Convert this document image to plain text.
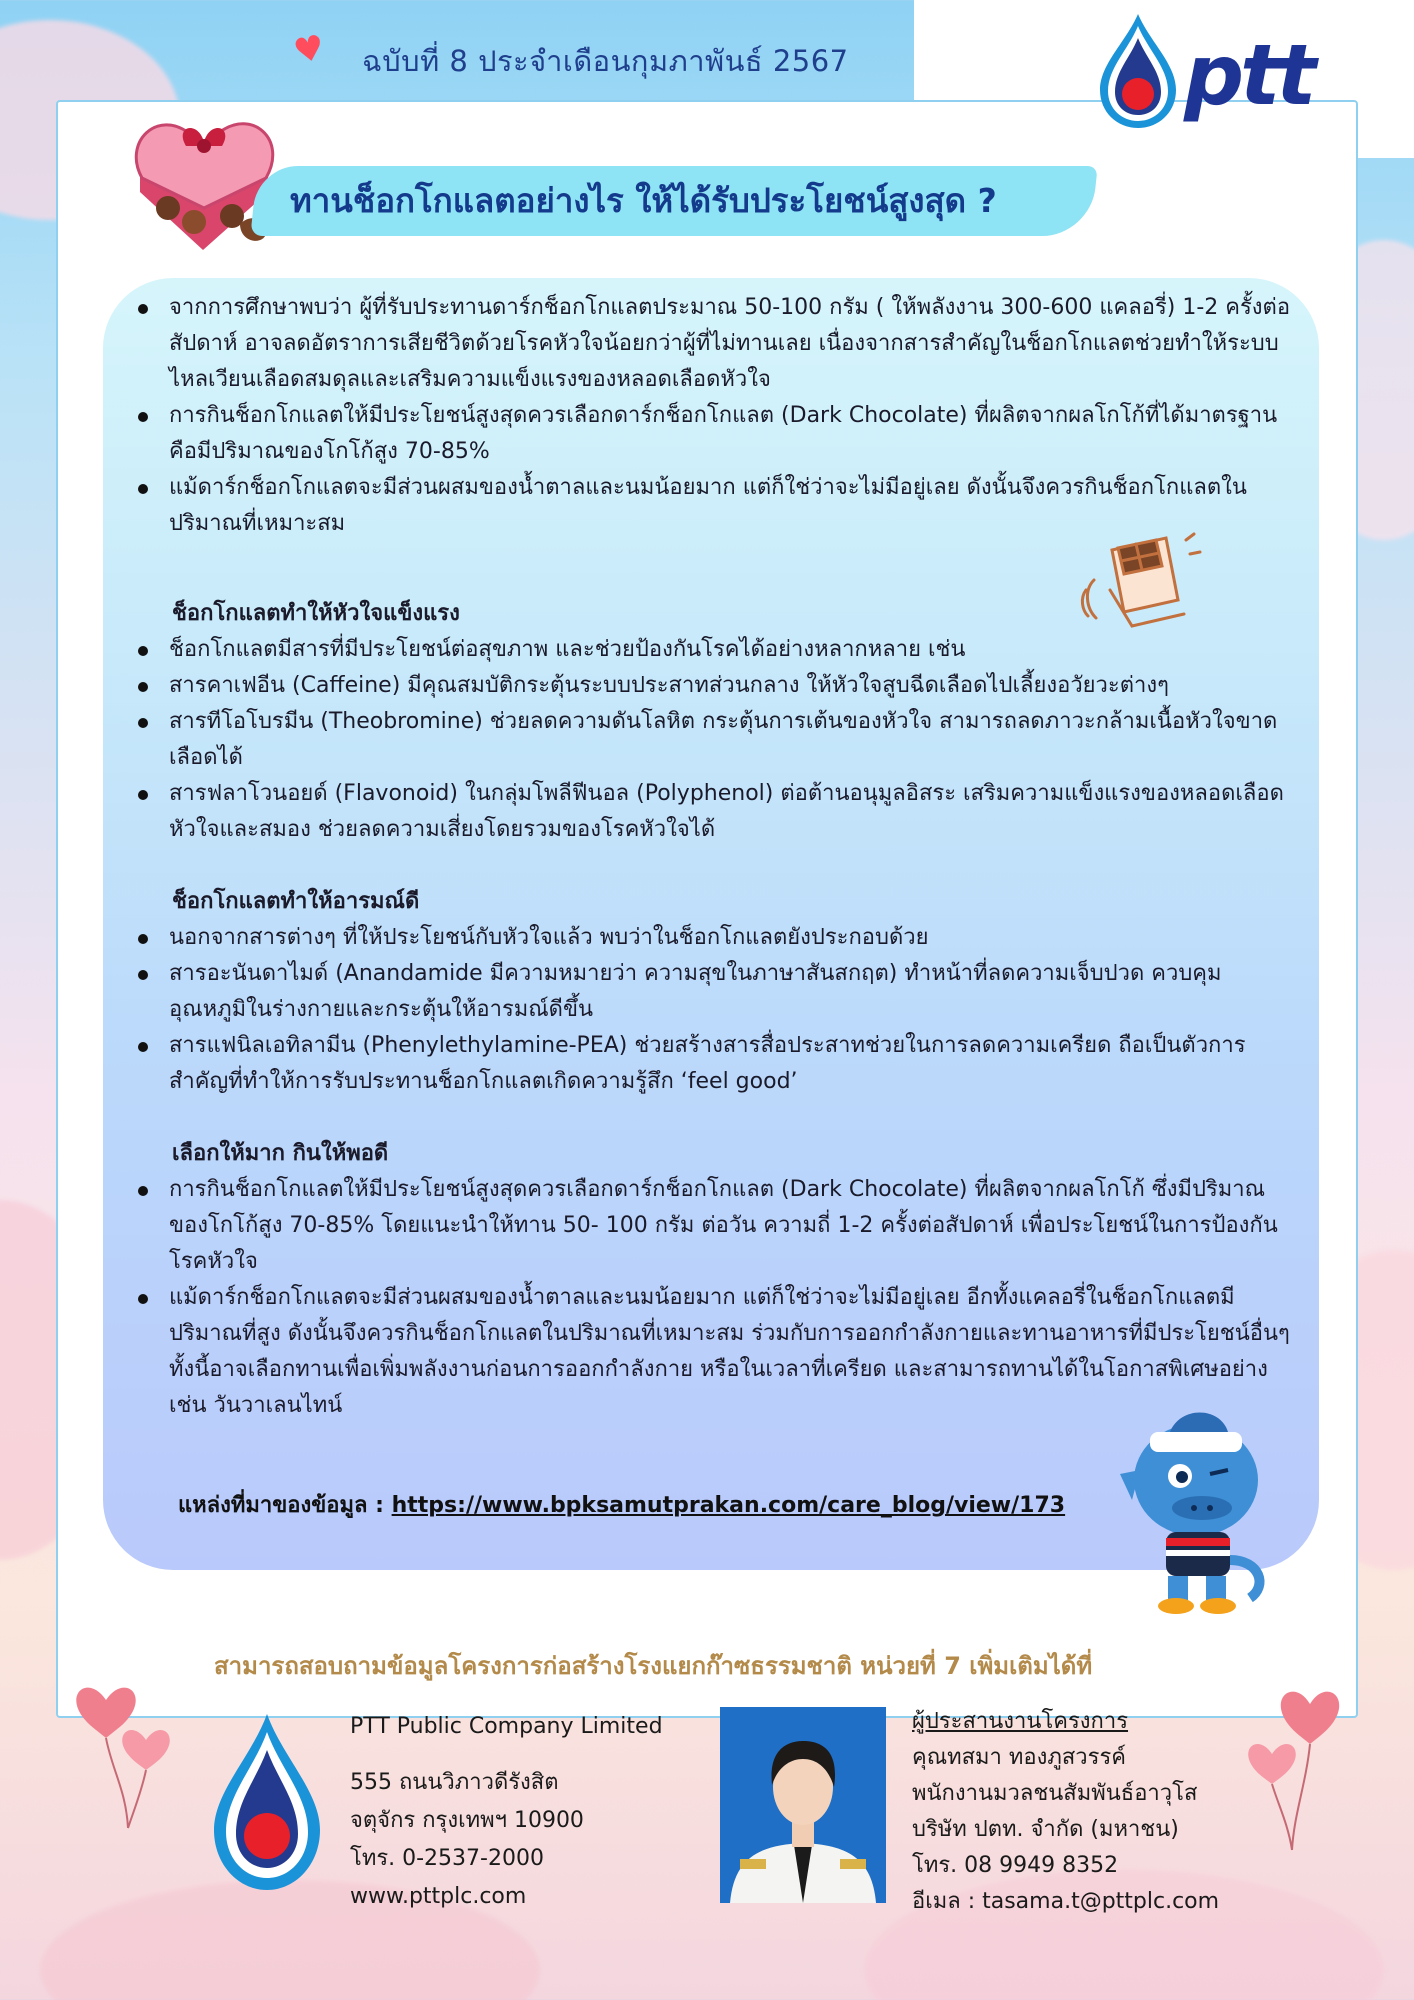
♥ ฉบับที่ 8 ประจำเดือนกุมภาพันธ์ 2567	ptt
ทานช็อกโกแลตอย่างไร ให้ได้รับประโยชน์สูงสุด ?
จากการศึกษาพบว่า ผู้ที่รับประทานดาร์กช็อกโกแลตประมาณ 50-100 กรัม ( ให้พลังงาน 300-600 แคลอรี่) 1-2 ครั้งต่อสัปดาห์ อาจลดอัตราการเสียชีวิตด้วยโรคหัวใจน้อยกว่าผู้ที่ไม่ทานเลย เนื่องจากสารสำคัญในช็อกโกแลตช่วยทำให้ระบบไหลเวียนเลือดสมดุลและเสริมความแข็งแรงของหลอดเลือดหัวใจ
การกินช็อกโกแลตให้มีประโยชน์สูงสุดควรเลือกดาร์กช็อกโกแลต (Dark Chocolate) ที่ผลิตจากผลโกโก้ที่ได้มาตรฐาน คือมีปริมาณของโกโก้สูง 70-85%
แม้ดาร์กช็อกโกแลตจะมีส่วนผสมของน้ำตาลและนมน้อยมาก แต่ก็ใช่ว่าจะไม่มีอยู่เลย ดังนั้นจึงควรกินช็อกโกแลตในปริมาณที่เหมาะสม
ช็อกโกแลตทำให้หัวใจแข็งแรง
ช็อกโกแลตมีสารที่มีประโยชน์ต่อสุขภาพ และช่วยป้องกันโรคได้อย่างหลากหลาย เช่น
สารคาเฟอีน (Caffeine) มีคุณสมบัติกระตุ้นระบบประสาทส่วนกลาง ให้หัวใจสูบฉีดเลือดไปเลี้ยงอวัยวะต่างๆ
สารทีโอโบรมีน (Theobromine) ช่วยลดความดันโลหิต กระตุ้นการเต้นของหัวใจ สามารถลดภาวะกล้ามเนื้อหัวใจขาดเลือดได้
สารฟลาโวนอยด์ (Flavonoid) ในกลุ่มโพลีฟีนอล (Polyphenol) ต่อต้านอนุมูลอิสระ เสริมความแข็งแรงของหลอดเลือดหัวใจและสมอง ช่วยลดความเสี่ยงโดยรวมของโรคหัวใจได้
ช็อกโกแลตทำให้อารมณ์ดี
นอกจากสารต่างๆ ที่ให้ประโยชน์กับหัวใจแล้ว พบว่าในช็อกโกแลตยังประกอบด้วย
สารอะนันดาไมด์ (Anandamide มีความหมายว่า ความสุขในภาษาสันสกฤต) ทำหน้าที่ลดความเจ็บปวด ควบคุมอุณหภูมิในร่างกายและกระตุ้นให้อารมณ์ดีขึ้น
สารแฟนิลเอทิลามีน (Phenylethylamine-PEA) ช่วยสร้างสารสื่อประสาทช่วยในการลดความเครียด ถือเป็นตัวการสำคัญที่ทำให้การรับประทานช็อกโกแลตเกิดความรู้สึก ‘feel good’
เลือกให้มาก กินให้พอดี
การกินช็อกโกแลตให้มีประโยชน์สูงสุดควรเลือกดาร์กช็อกโกแลต (Dark Chocolate) ที่ผลิตจากผลโกโก้ ซึ่งมีปริมาณของโกโก้สูง 70-85% โดยแนะนำให้ทาน 50- 100 กรัม ต่อวัน ความถี่ 1-2 ครั้งต่อสัปดาห์ เพื่อประโยชน์ในการป้องกันโรคหัวใจ
แม้ดาร์กช็อกโกแลตจะมีส่วนผสมของน้ำตาลและนมน้อยมาก แต่ก็ใช่ว่าจะไม่มีอยู่เลย อีกทั้งแคลอรี่ในช็อกโกแลตมีปริมาณที่สูง ดังนั้นจึงควรกินช็อกโกแลตในปริมาณที่เหมาะสม ร่วมกับการออกกำลังกายและทานอาหารที่มีประโยชน์อื่นๆ ทั้งนี้อาจเลือกทานเพื่อเพิ่มพลังงานก่อนการออกกำลังกาย หรือในเวลาที่เครียด และสามารถทานได้ในโอกาสพิเศษอย่างเช่น วันวาเลนไทน์
แหล่งที่มาของข้อมูล : https://www.bpksamutprakan.com/care_blog/view/173
สามารถสอบถามข้อมูลโครงการก่อสร้างโรงแยกก๊าซธรรมชาติ หน่วยที่ 7 เพิ่มเติมได้ที่
PTT Public Company Limited
555 ถนนวิภาวดีรังสิต
จตุจักร กรุงเทพฯ 10900
โทร. 0-2537-2000
www.pttplc.com
ผู้ประสานงานโครงการ
คุณทสมา ทองภูสวรรค์
พนักงานมวลชนสัมพันธ์อาวุโส
บริษัท ปตท. จำกัด (มหาชน)
โทร. 08 9949 8352
อีเมล : tasama.t@pttplc.com
